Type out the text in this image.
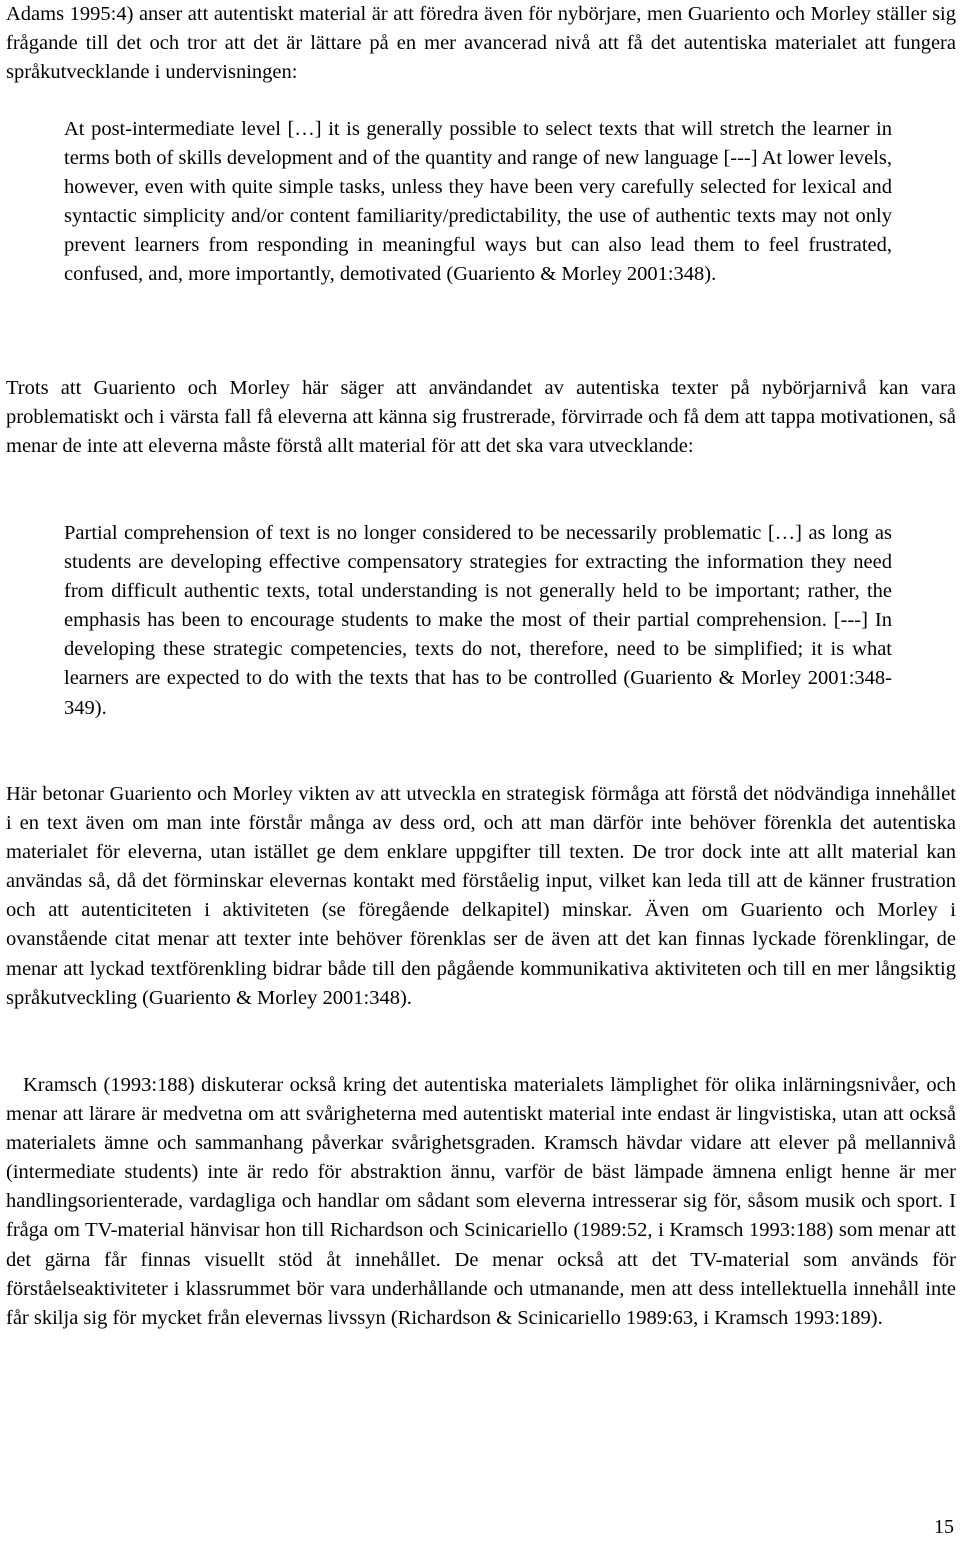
Adams 1995:4) anser att autentiskt material är att föredra även för nybörjare, men Guariento och Morley ställer sig frågande till det och tror att det är lättare på en mer avancerad nivå att få det autentiska materialet att fungera språkutvecklande i undervisningen:

At post-intermediate level […] it is generally possible to select texts that will stretch the learner in terms both of skills development and of the quantity and range of new language [---] At lower levels, however, even with quite simple tasks, unless they have been very carefully selected for lexical and syntactic simplicity and/or content familiarity/predictability, the use of authentic texts may not only prevent learners from responding in meaningful ways but can also lead them to feel frustrated, confused, and, more importantly, demotivated (Guariento & Morley 2001:348).

Trots att Guariento och Morley här säger att användandet av autentiska texter på nybörjarnivå kan vara problematiskt och i värsta fall få eleverna att känna sig frustrerade, förvirrade och få dem att tappa motivationen, så menar de inte att eleverna måste förstå allt material för att det ska vara utvecklande:

Partial comprehension of text is no longer considered to be necessarily problematic […] as long as students are developing effective compensatory strategies for extracting the information they need from difficult authentic texts, total understanding is not generally held to be important; rather, the emphasis has been to encourage students to make the most of their partial comprehension. [---] In developing these strategic competencies, texts do not, therefore, need to be simplified; it is what learners are expected to do with the texts that has to be controlled (Guariento & Morley 2001:348-349).

Här betonar Guariento och Morley vikten av att utveckla en strategisk förmåga att förstå det nödvändiga innehållet i en text även om man inte förstår många av dess ord, och att man därför inte behöver förenkla det autentiska materialet för eleverna, utan istället ge dem enklare uppgifter till texten. De tror dock inte att allt material kan användas så, då det förminskar elevernas kontakt med förståelig input, vilket kan leda till att de känner frustration och att autenticiteten i aktiviteten (se föregående delkapitel) minskar. Även om Guariento och Morley i ovanstående citat menar att texter inte behöver förenklas ser de även att det kan finnas lyckade förenklingar, de menar att lyckad textförenkling bidrar både till den pågående kommunikativa aktiviteten och till en mer långsiktig språkutveckling (Guariento & Morley 2001:348).

Kramsch (1993:188) diskuterar också kring det autentiska materialets lämplighet för olika inlärningsnivåer, och menar att lärare är medvetna om att svårigheterna med autentiskt material inte endast är lingvistiska, utan att också materialets ämne och sammanhang påverkar svårighetsgraden. Kramsch hävdar vidare att elever på mellannivå (intermediate students) inte är redo för abstraktion ännu, varför de bäst lämpade ämnena enligt henne är mer handlingsorienterade, vardagliga och handlar om sådant som eleverna intresserar sig för, såsom musik och sport. I fråga om TV-material hänvisar hon till Richardson och Scinicariello (1989:52, i Kramsch 1993:188) som menar att det gärna får finnas visuellt stöd åt innehållet. De menar också att det TV-material som används för förståelseaktiviteter i klassrummet bör vara underhållande och utmanande, men att dess intellektuella innehåll inte får skilja sig för mycket från elevernas livssyn (Richardson & Scinicariello 1989:63, i Kramsch 1993:189).

15
